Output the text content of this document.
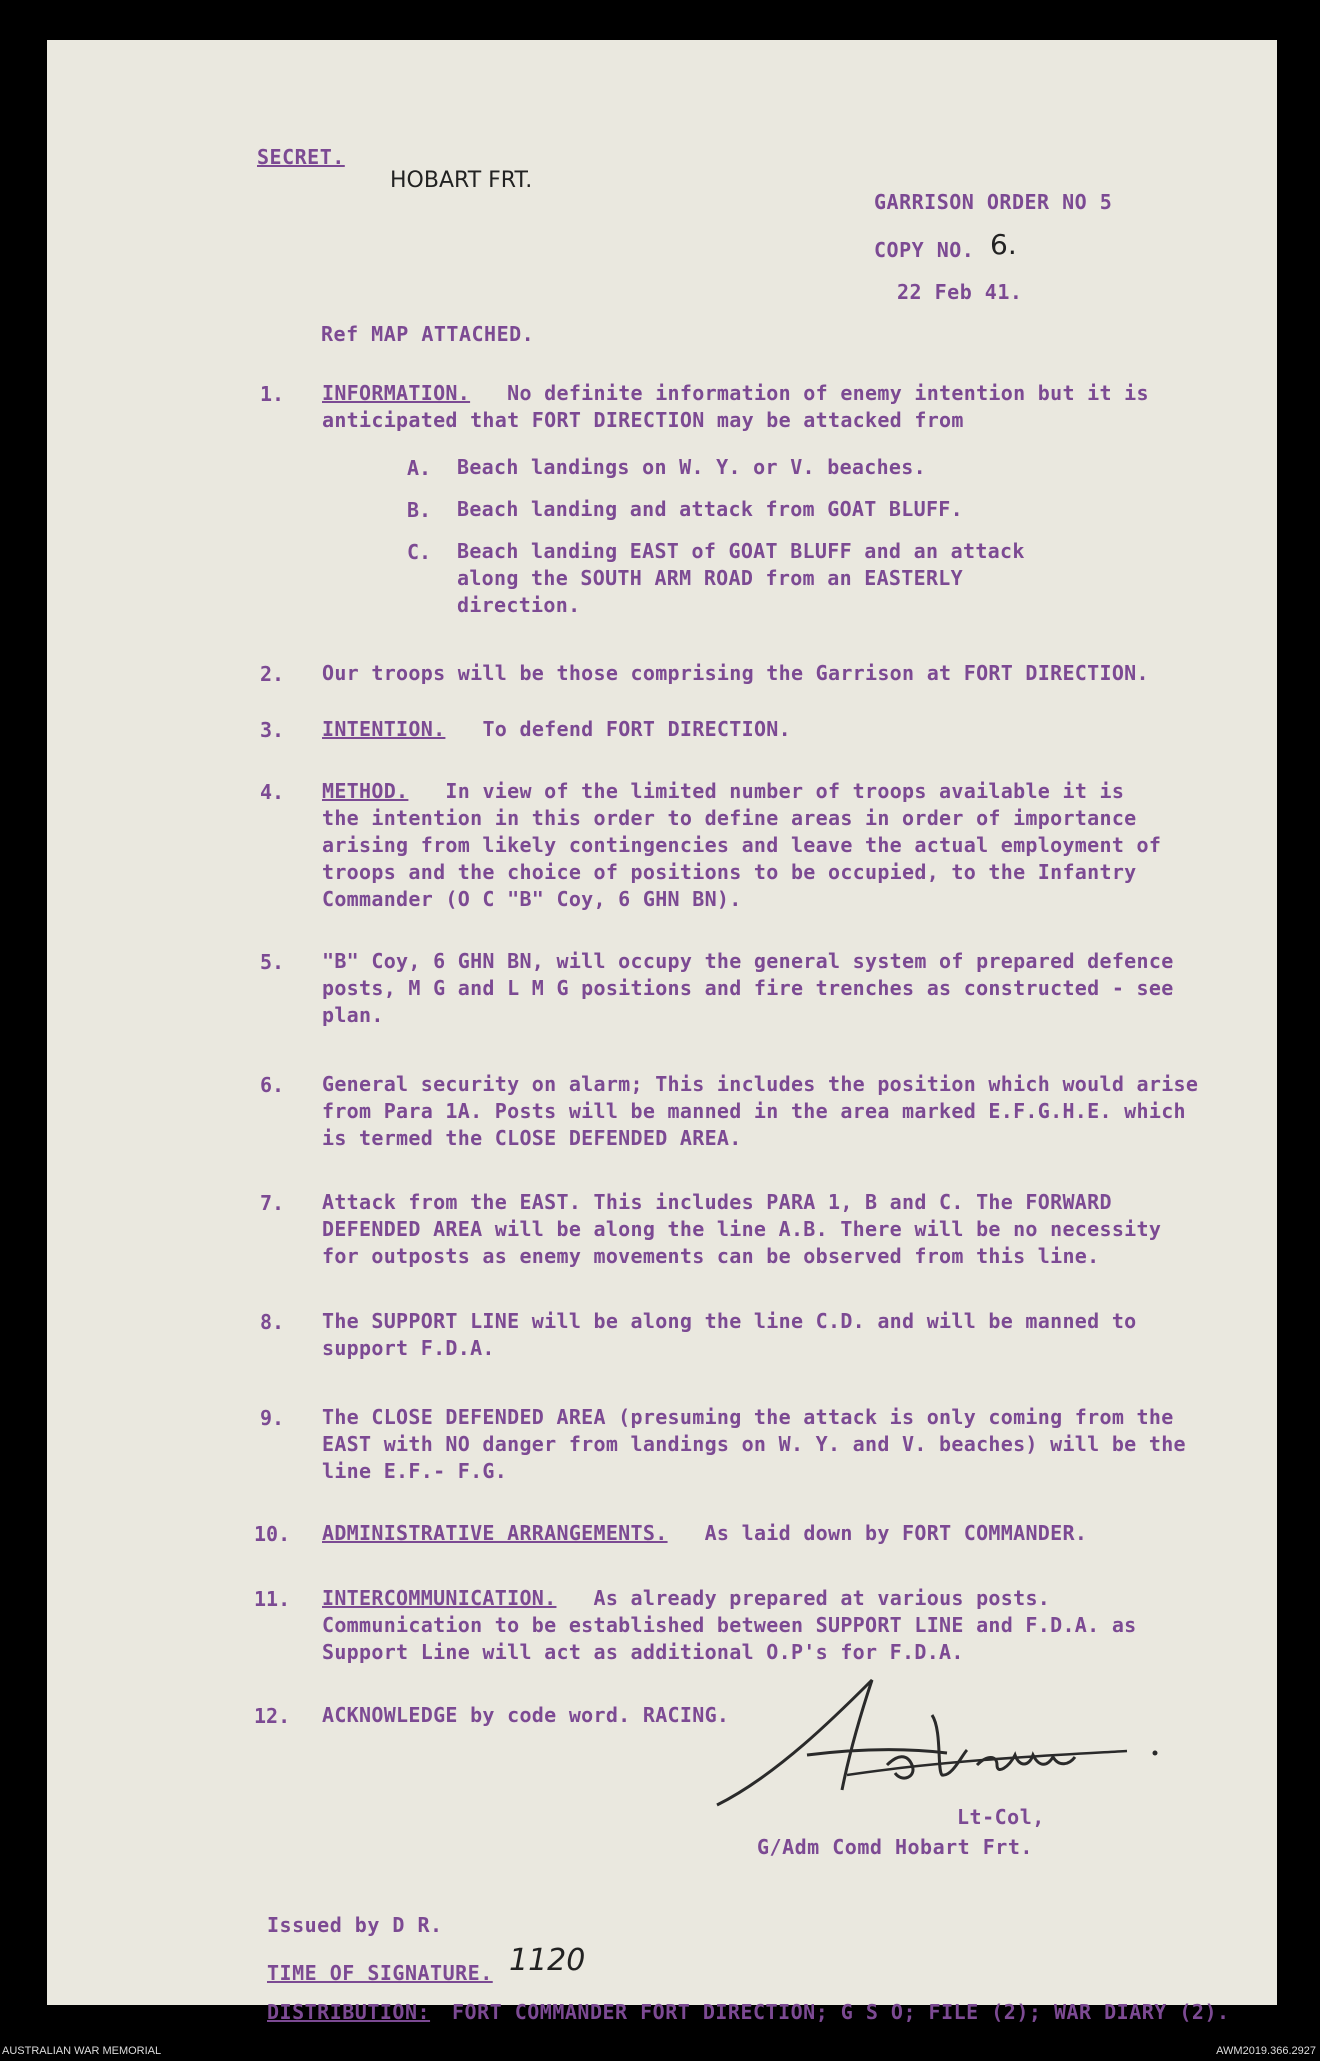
SECRET.
HOBART FRT.
GARRISON ORDER NO 5
COPY NO. 6.
22 Feb 41.
Ref MAP ATTACHED.
1. INFORMATION. No definite information of enemy intention but it is anticipated that FORT DIRECTION may be attacked from
A. Beach landings on W. Y. or V. beaches.
B. Beach landing and attack from GOAT BLUFF.
C. Beach landing EAST of GOAT BLUFF and an attack along the SOUTH ARM ROAD from an EASTERLY direction.
2. Our troops will be those comprising the Garrison at FORT DIRECTION.
3. INTENTION. To defend FORT DIRECTION.
4. METHOD. In view of the limited number of troops available it is the intention in this order to define areas in order of importance arising from likely contingencies and leave the actual employment of troops and the choice of positions to be occupied, to the Infantry Commander (O C "B" Coy, 6 GHN BN).
5. "B" Coy, 6 GHN BN, will occupy the general system of prepared defence posts, M G and L M G positions and fire trenches as constructed - see plan.
6. General security on alarm; This includes the position which would arise from Para 1A. Posts will be manned in the area marked E.F.G.H.E. which is termed the CLOSE DEFENDED AREA.
7. Attack from the EAST. This includes PARA 1, B and C. The FORWARD DEFENDED AREA will be along the line A.B. There will be no necessity for outposts as enemy movements can be observed from this line.
8. The SUPPORT LINE will be along the line C.D. and will be manned to support F.D.A.
9. The CLOSE DEFENDED AREA (presuming the attack is only coming from the EAST with NO danger from landings on W. Y. and V. beaches) will be the line E.F.- F.G.
10. ADMINISTRATIVE ARRANGEMENTS. As laid down by FORT COMMANDER.
11. INTERCOMMUNICATION. As already prepared at various posts. Communication to be established between SUPPORT LINE and F.D.A. as Support Line will act as additional O.P's for F.D.A.
12. ACKNOWLEDGE by code word. RACING.
A.D. Lewis
Lt-Col,
G/Adm Comd Hobart Frt.
Issued by D R.
TIME OF SIGNATURE. 1120
DISTRIBUTION: FORT COMMANDER FORT DIRECTION; G S O; FILE (2); WAR DIARY (2).
AUSTRALIAN WAR MEMORIAL	AWM2019.366.2927
